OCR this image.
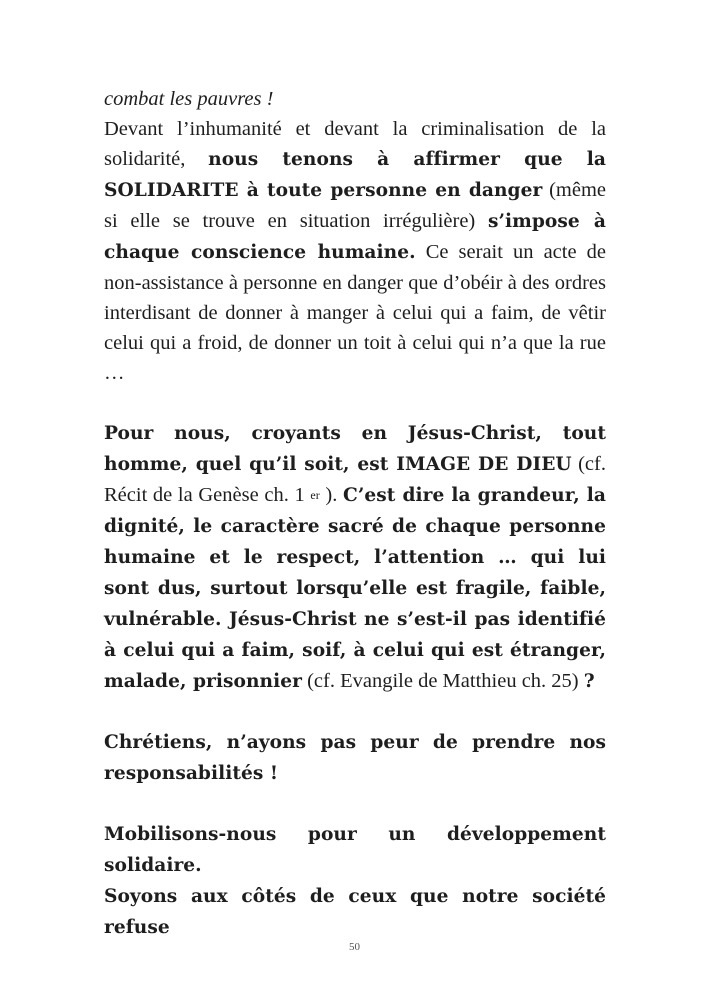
combat les pauvres !

Devant l’inhumanité et devant la criminalisation de la solidarité, nous tenons à affirmer que la SOLIDARITE à toute personne en danger (même si elle se trouve en situation irrégulière) s’impose à chaque conscience humaine. Ce serait un acte de non-assistance à personne en danger que d’obéir à des ordres interdisant de donner à manger à celui qui a faim, de vêtir celui qui a froid, de donner un toit à celui qui n’a que la rue …

Pour nous, croyants en Jésus-Christ, tout homme, quel qu’il soit, est IMAGE DE DIEU (cf. Récit de la Genèse ch. 1 $^{er}$ ). C’est dire la grandeur, la dignité, le caractère sacré de chaque personne humaine et le respect, l’attention … qui lui sont dus, surtout lorsqu’elle est fragile, faible, vulnérable. Jésus-Christ ne s’est-il pas identifié à celui qui a faim, soif, à celui qui est étranger, malade, prisonnier (cf. Evangile de Matthieu ch. 25) ?

Chrétiens, n’ayons pas peur de prendre nos responsabilités !

Mobilisons-nous pour un développement solidaire.

Soyons aux côtés de ceux que notre société refuse

50
